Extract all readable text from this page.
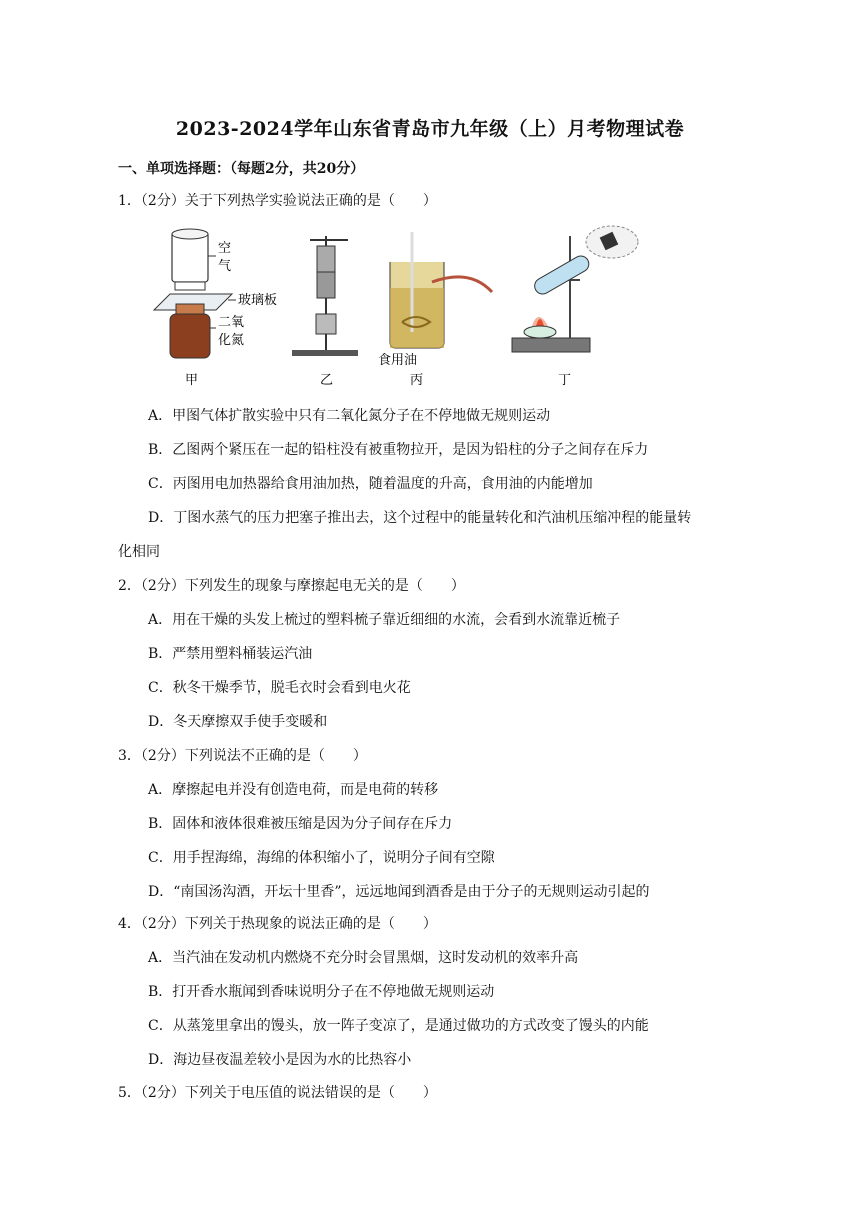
2023-2024学年山东省青岛市九年级（上）月考物理试卷
一、单项选择题：（每题2分，共20分）
1．（2分）关于下列热学实验说法正确的是（　　）
空
气
玻璃板
二氧
化氮
甲	乙
食用油
丙	丁
A．甲图气体扩散实验中只有二氧化氮分子在不停地做无规则运动
B．乙图两个紧压在一起的铅柱没有被重物拉开，是因为铅柱的分子之间存在斥力
C．丙图用电加热器给食用油加热，随着温度的升高，食用油的内能增加
D．丁图水蒸气的压力把塞子推出去，这个过程中的能量转化和汽油机压缩冲程的能量转
化相同
2．（2分）下列发生的现象与摩擦起电无关的是（　　）
A．用在干燥的头发上梳过的塑料梳子靠近细细的水流，会看到水流靠近梳子
B．严禁用塑料桶装运汽油
C．秋冬干燥季节，脱毛衣时会看到电火花
D．冬天摩擦双手使手变暖和
3．（2分）下列说法不正确的是（　　）
A．摩擦起电并没有创造电荷，而是电荷的转移
B．固体和液体很难被压缩是因为分子间存在斥力
C．用手捏海绵，海绵的体积缩小了，说明分子间有空隙
D．“南国汤沟酒，开坛十里香”，远远地闻到酒香是由于分子的无规则运动引起的
4．（2分）下列关于热现象的说法正确的是（　　）
A．当汽油在发动机内燃烧不充分时会冒黑烟，这时发动机的效率升高
B．打开香水瓶闻到香味说明分子在不停地做无规则运动
C．从蒸笼里拿出的馒头，放一阵子变凉了，是通过做功的方式改变了馒头的内能
D．海边昼夜温差较小是因为水的比热容小
5．（2分）下列关于电压值的说法错误的是（　　）
